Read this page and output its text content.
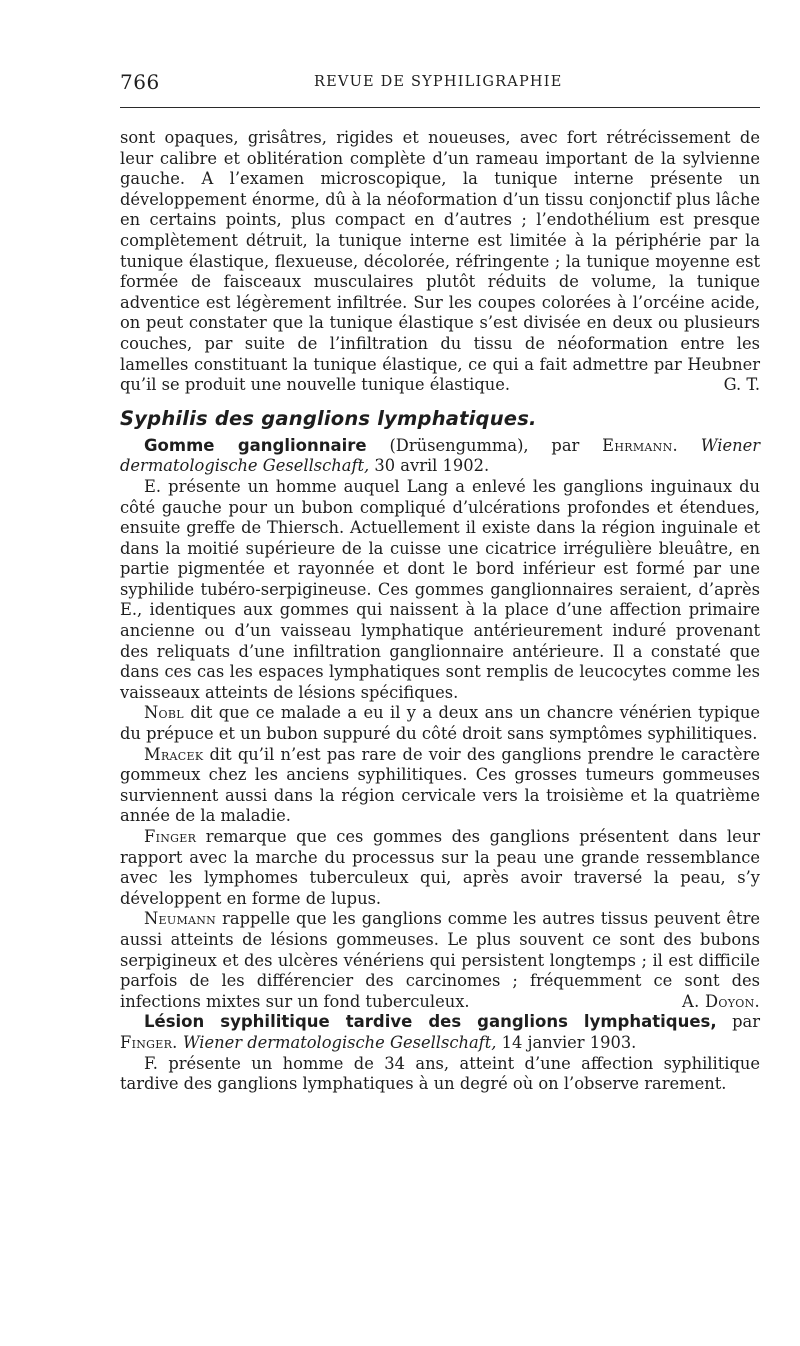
766	REVUE DE SYPHILIGRAPHIE

sont opaques, grisâtres, rigides et noueuses, avec fort rétrécissement de leur calibre et oblitération complète d’un rameau important de la sylvienne gauche. A l’examen microscopique, la tunique interne présente un développement énorme, dû à la néoformation d’un tissu conjonctif plus lâche en certains points, plus compact en d’autres ; l’endothélium est presque complètement détruit, la tunique interne est limitée à la périphérie par la tunique élastique, flexueuse, décolorée, réfringente ; la tunique moyenne est formée de faisceaux musculaires plutôt réduits de volume, la tunique adventice est légèrement infiltrée. Sur les coupes colorées à l’orcéine acide, on peut constater que la tunique élastique s’est divisée en deux ou plusieurs couches, par suite de l’infiltration du tissu de néoformation entre les lamelles constituant la tunique élastique, ce qui a fait admettre par Heubner qu’il se produit une nouvelle tunique élastique.	G. T.

Syphilis des ganglions lymphatiques.

Gomme ganglionnaire (Drüsengumma), par Ehrmann. Wiener dermatologische Gesellschaft, 30 avril 1902.

E. présente un homme auquel Lang a enlevé les ganglions inguinaux du côté gauche pour un bubon compliqué d’ulcérations profondes et étendues, ensuite greffe de Thiersch. Actuellement il existe dans la région inguinale et dans la moitié supérieure de la cuisse une cicatrice irrégulière bleuâtre, en partie pigmentée et rayonnée et dont le bord inférieur est formé par une syphilide tubéro-serpigineuse. Ces gommes ganglionnaires seraient, d’après E., identiques aux gommes qui naissent à la place d’une affection primaire ancienne ou d’un vaisseau lymphatique antérieurement induré provenant des reliquats d’une infiltration ganglionnaire antérieure. Il a constaté que dans ces cas les espaces lymphatiques sont remplis de leucocytes comme les vaisseaux atteints de lésions spécifiques.

Nobl dit que ce malade a eu il y a deux ans un chancre vénérien typique du prépuce et un bubon suppuré du côté droit sans symptômes syphilitiques.

Mracek dit qu’il n’est pas rare de voir des ganglions prendre le caractère gommeux chez les anciens syphilitiques. Ces grosses tumeurs gommeuses surviennent aussi dans la région cervicale vers la troisième et la quatrième année de la maladie.

Finger remarque que ces gommes des ganglions présentent dans leur rapport avec la marche du processus sur la peau une grande ressemblance avec les lymphomes tuberculeux qui, après avoir traversé la peau, s’y développent en forme de lupus.

Neumann rappelle que les ganglions comme les autres tissus peuvent être aussi atteints de lésions gommeuses. Le plus souvent ce sont des bubons serpigineux et des ulcères vénériens qui persistent longtemps ; il est difficile parfois de les différencier des carcinomes ; fréquemment ce sont des infections mixtes sur un fond tuberculeux.	A. Doyon.

Lésion syphilitique tardive des ganglions lymphatiques, par Finger. Wiener dermatologische Gesellschaft, 14 janvier 1903.

F. présente un homme de 34 ans, atteint d’une affection syphilitique tardive des ganglions lymphatiques à un degré où on l’observe rarement.
